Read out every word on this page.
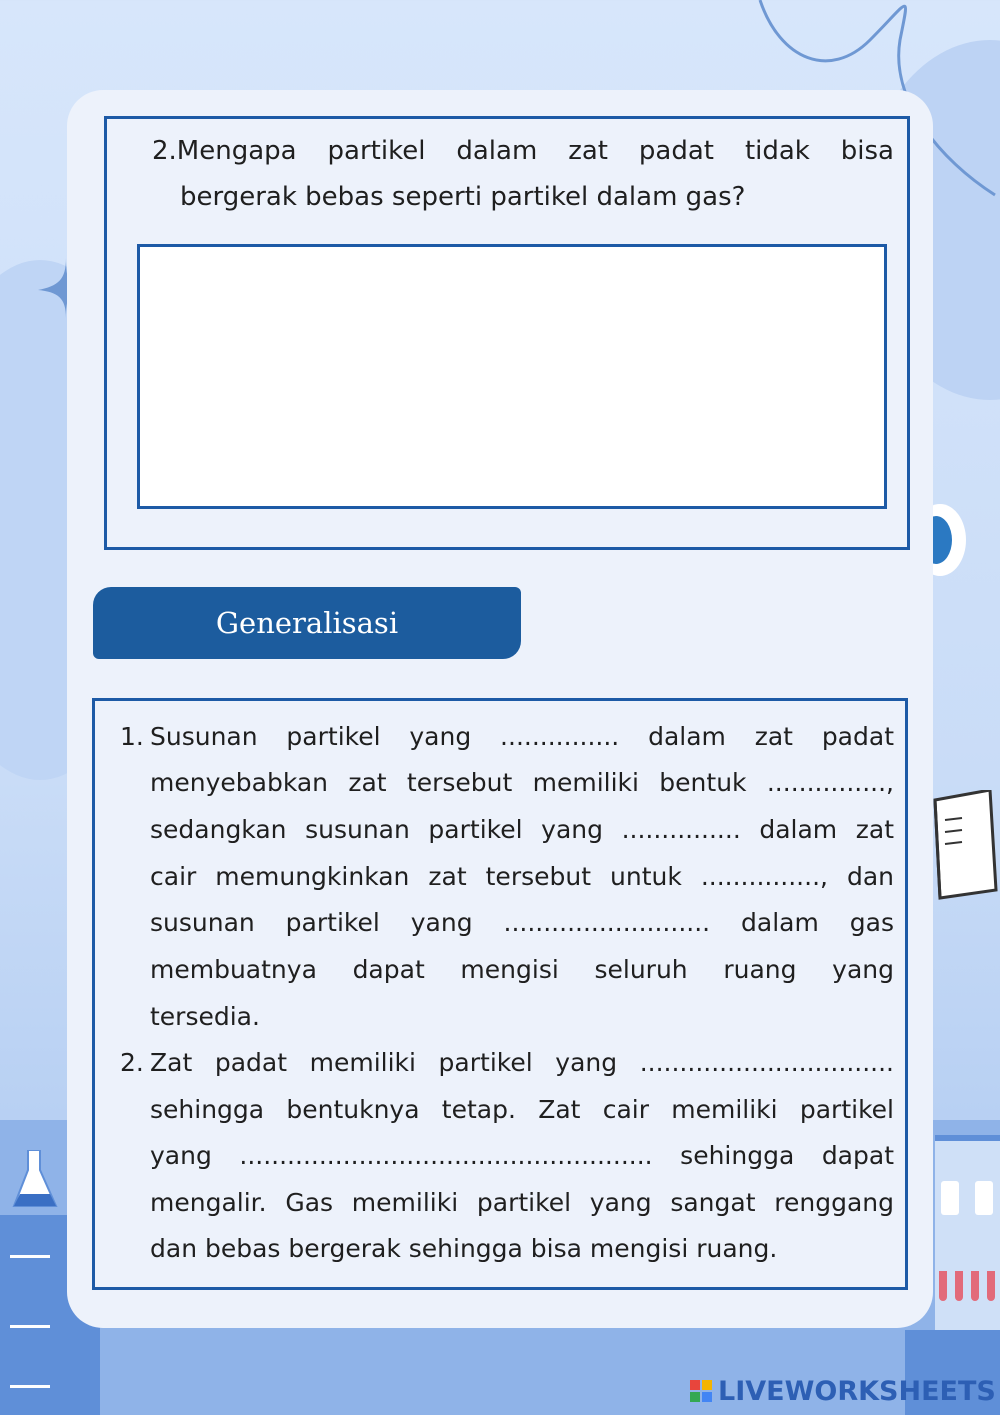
2.Mengapa partikel dalam zat padat tidak bisa
bergerak bebas seperti partikel dalam gas?
Generalisasi
1. Susunan partikel yang ............... dalam zat padat
menyebabkan zat tersebut memiliki bentuk ...............,
sedangkan susunan partikel yang ............... dalam zat
cair memungkinkan zat tersebut untuk ..............., dan
susunan partikel yang .......................... dalam gas
membuatnya dapat mengisi seluruh ruang yang
tersedia.
2. Zat padat memiliki partikel yang ................................
sehingga bentuknya tetap. Zat cair memiliki partikel
yang .................................................... sehingga dapat
mengalir. Gas memiliki partikel yang sangat renggang
dan bebas bergerak sehingga bisa mengisi ruang.
LIVEWORKSHEETS
